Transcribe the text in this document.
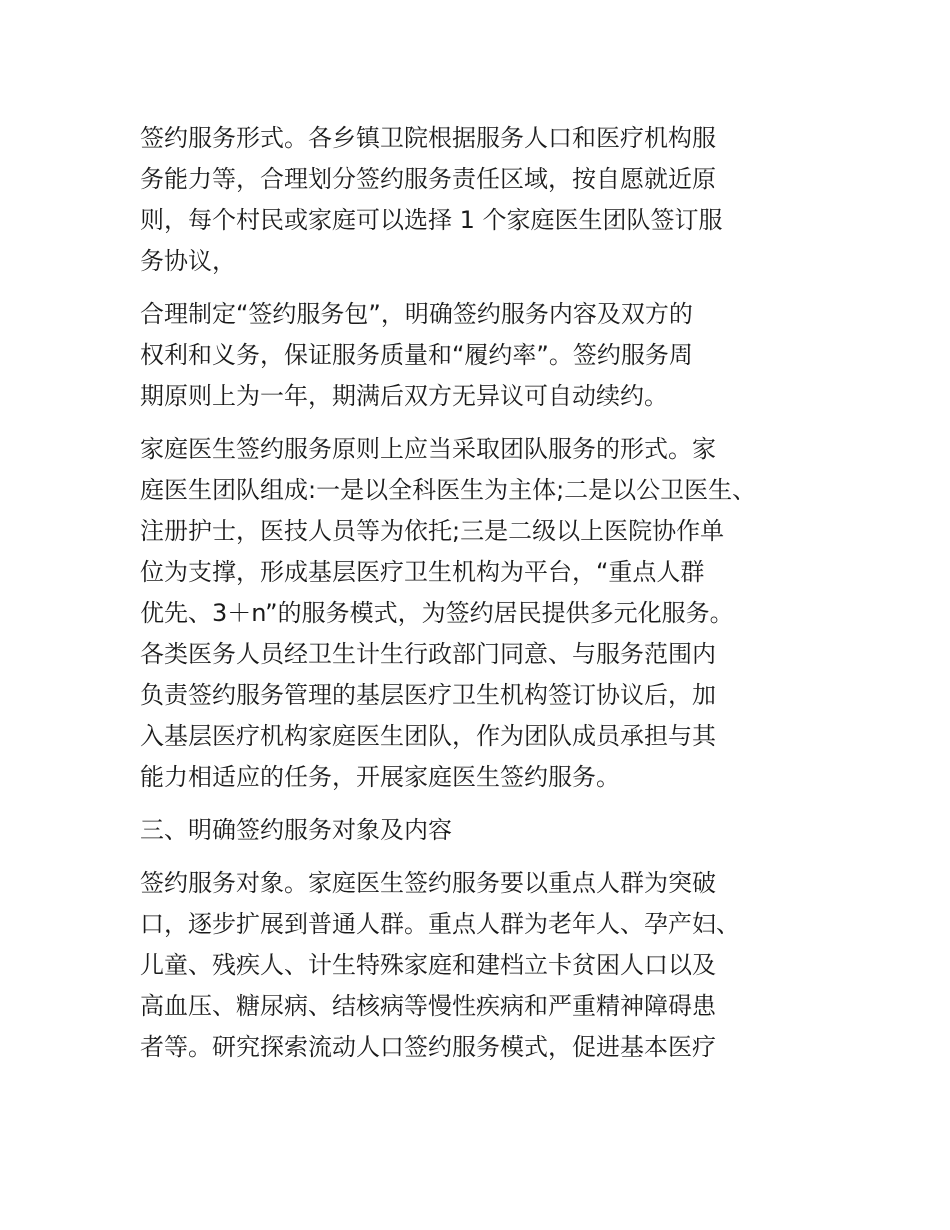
签约服务形式。各乡镇卫院根据服务人口和医疗机构服
务能力等，合理划分签约服务责任区域，按自愿就近原
则，每个村民或家庭可以选择 1 个家庭医生团队签订服
务协议，

合理制定“签约服务包”，明确签约服务内容及双方的
权利和义务，保证服务质量和“履约率”。签约服务周
期原则上为一年，期满后双方无异议可自动续约。

家庭医生签约服务原则上应当采取团队服务的形式。家
庭医生团队组成:一是以全科医生为主体;二是以公卫医生、
注册护士，医技人员等为依托;三是二级以上医院协作单
位为支撑，形成基层医疗卫生机构为平台，“重点人群
优先、3＋n”的服务模式，为签约居民提供多元化服务。
各类医务人员经卫生计生行政部门同意、与服务范围内
负责签约服务管理的基层医疗卫生机构签订协议后，加
入基层医疗机构家庭医生团队，作为团队成员承担与其
能力相适应的任务，开展家庭医生签约服务。

三、明确签约服务对象及内容

签约服务对象。家庭医生签约服务要以重点人群为突破
口，逐步扩展到普通人群。重点人群为老年人、孕产妇、
儿童、残疾人、计生特殊家庭和建档立卡贫困人口以及
高血压、糖尿病、结核病等慢性疾病和严重精神障碍患
者等。研究探索流动人口签约服务模式，促进基本医疗
